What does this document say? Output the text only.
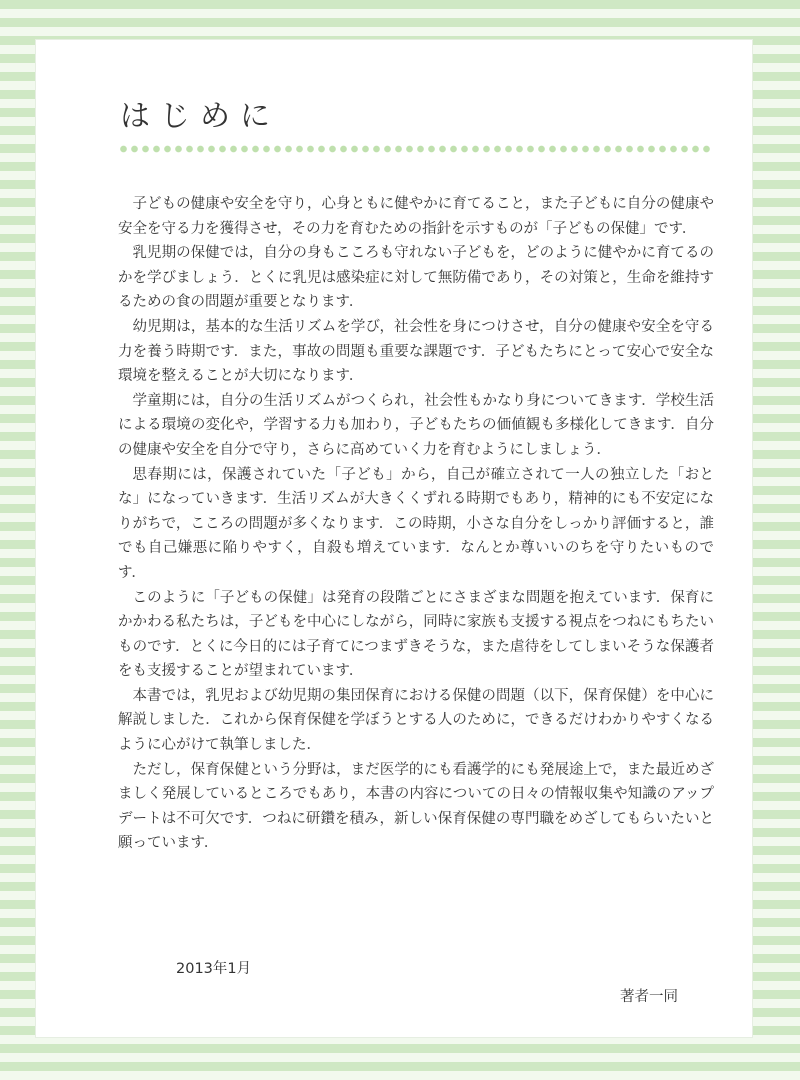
はじめに

子どもの健康や安全を守り，心身ともに健やかに育てること，また子どもに自分の健康や安全を守る力を獲得させ，その力を育むための指針を示すものが「子どもの保健」です．

乳児期の保健では，自分の身もこころも守れない子どもを，どのように健やかに育てるのかを学びましょう．とくに乳児は感染症に対して無防備であり，その対策と，生命を維持するための食の問題が重要となります．

幼児期は，基本的な生活リズムを学び，社会性を身につけさせ，自分の健康や安全を守る力を養う時期です．また，事故の問題も重要な課題です．子どもたちにとって安心で安全な環境を整えることが大切になります．

学童期には，自分の生活リズムがつくられ，社会性もかなり身についてきます．学校生活による環境の変化や，学習する力も加わり，子どもたちの価値観も多様化してきます．自分の健康や安全を自分で守り，さらに高めていく力を育むようにしましょう．

思春期には，保護されていた「子ども」から，自己が確立されて一人の独立した「おとな」になっていきます．生活リズムが大きくくずれる時期でもあり，精神的にも不安定になりがちで，こころの問題が多くなります．この時期，小さな自分をしっかり評価すると，誰でも自己嫌悪に陥りやすく，自殺も増えています．なんとか尊いいのちを守りたいものです．

このように「子どもの保健」は発育の段階ごとにさまざまな問題を抱えています．保育にかかわる私たちは，子どもを中心にしながら，同時に家族も支援する視点をつねにもちたいものです．とくに今日的には子育てにつまずきそうな，また虐待をしてしまいそうな保護者をも支援することが望まれています．

本書では，乳児および幼児期の集団保育における保健の問題（以下，保育保健）を中心に解説しました．これから保育保健を学ぼうとする人のために，できるだけわかりやすくなるように心がけて執筆しました．

ただし，保育保健という分野は，まだ医学的にも看護学的にも発展途上で，また最近めざましく発展しているところでもあり，本書の内容についての日々の情報収集や知識のアップデートは不可欠です．つねに研鑽を積み，新しい保育保健の専門職をめざしてもらいたいと願っています．

2013年1月
著者一同
